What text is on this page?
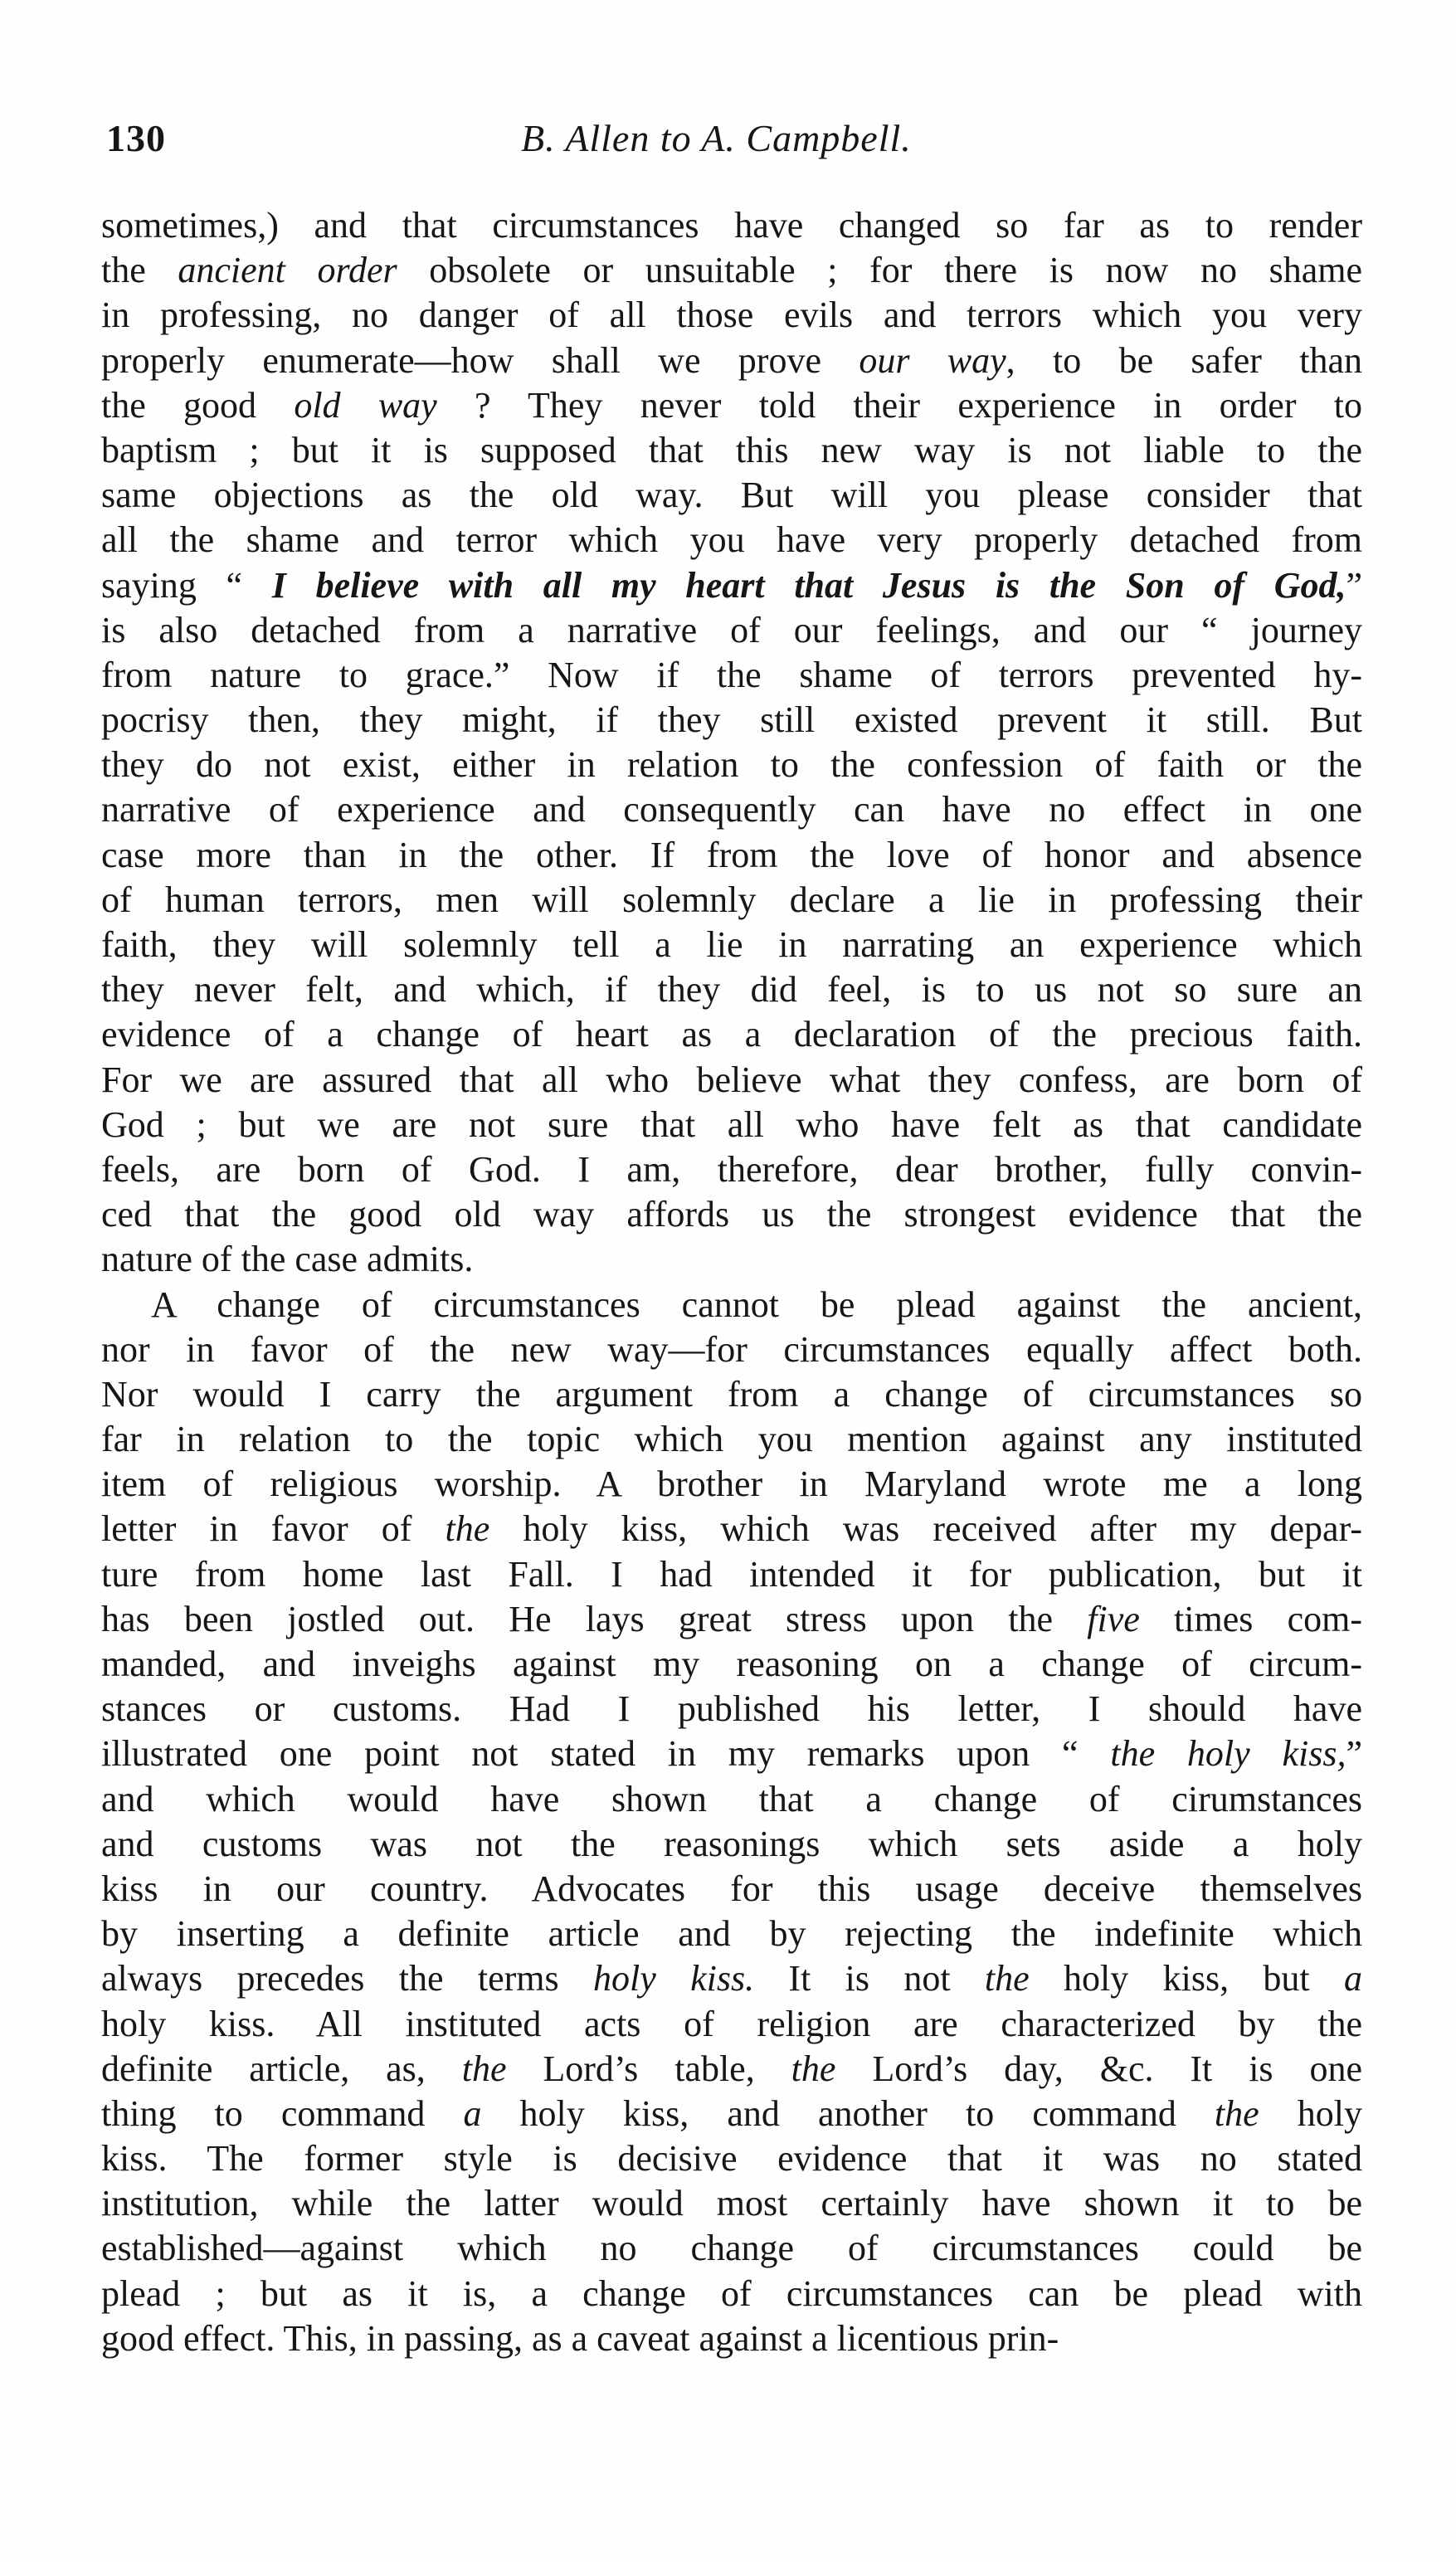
130	B. Allen to A. Campbell.
sometimes,) and that circumstances have changed so far as to render
the ancient order obsolete or unsuitable ; for there is now no shame
in professing, no danger of all those evils and terrors which you very
properly enumerate—how shall we prove our way, to be safer than
the good old way ? They never told their experience in order to
baptism ; but it is supposed that this new way is not liable to the
same objections as the old way. But will you please consider that
all the shame and terror which you have very properly detached from
saying “ I believe with all my heart that Jesus is the Son of God,”
is also detached from a narrative of our feelings, and our “ journey
from nature to grace.” Now if the shame of terrors prevented hy-
pocrisy then, they might, if they still existed prevent it still. But
they do not exist, either in relation to the confession of faith or the
narrative of experience and consequently can have no effect in one
case more than in the other. If from the love of honor and absence
of human terrors, men will solemnly declare a lie in professing their
faith, they will solemnly tell a lie in narrating an experience which
they never felt, and which, if they did feel, is to us not so sure an
evidence of a change of heart as a declaration of the precious faith.
For we are assured that all who believe what they confess, are born of
God ; but we are not sure that all who have felt as that candidate
feels, are born of God. I am, therefore, dear brother, fully convin-
ced that the good old way affords us the strongest evidence that the
nature of the case admits.
A change of circumstances cannot be plead against the ancient,
nor in favor of the new way—for circumstances equally affect both.
Nor would I carry the argument from a change of circumstances so
far in relation to the topic which you mention against any instituted
item of religious worship. A brother in Maryland wrote me a long
letter in favor of the holy kiss, which was received after my depar-
ture from home last Fall. I had intended it for publication, but it
has been jostled out. He lays great stress upon the five times com-
manded, and inveighs against my reasoning on a change of circum-
stances or customs. Had I published his letter, I should have
illustrated one point not stated in my remarks upon “ the holy kiss,”
and which would have shown that a change of cirumstances
and customs was not the reasonings which sets aside a holy
kiss in our country. Advocates for this usage deceive themselves
by inserting a definite article and by rejecting the indefinite which
always precedes the terms holy kiss. It is not the holy kiss, but a
holy kiss. All instituted acts of religion are characterized by the
definite article, as, the Lord’s table, the Lord’s day, &c. It is one
thing to command a holy kiss, and another to command the holy
kiss. The former style is decisive evidence that it was no stated
institution, while the latter would most certainly have shown it to be
established—against which no change of circumstances could be
plead ; but as it is, a change of circumstances can be plead with
good effect. This, in passing, as a caveat against a licentious prin-
